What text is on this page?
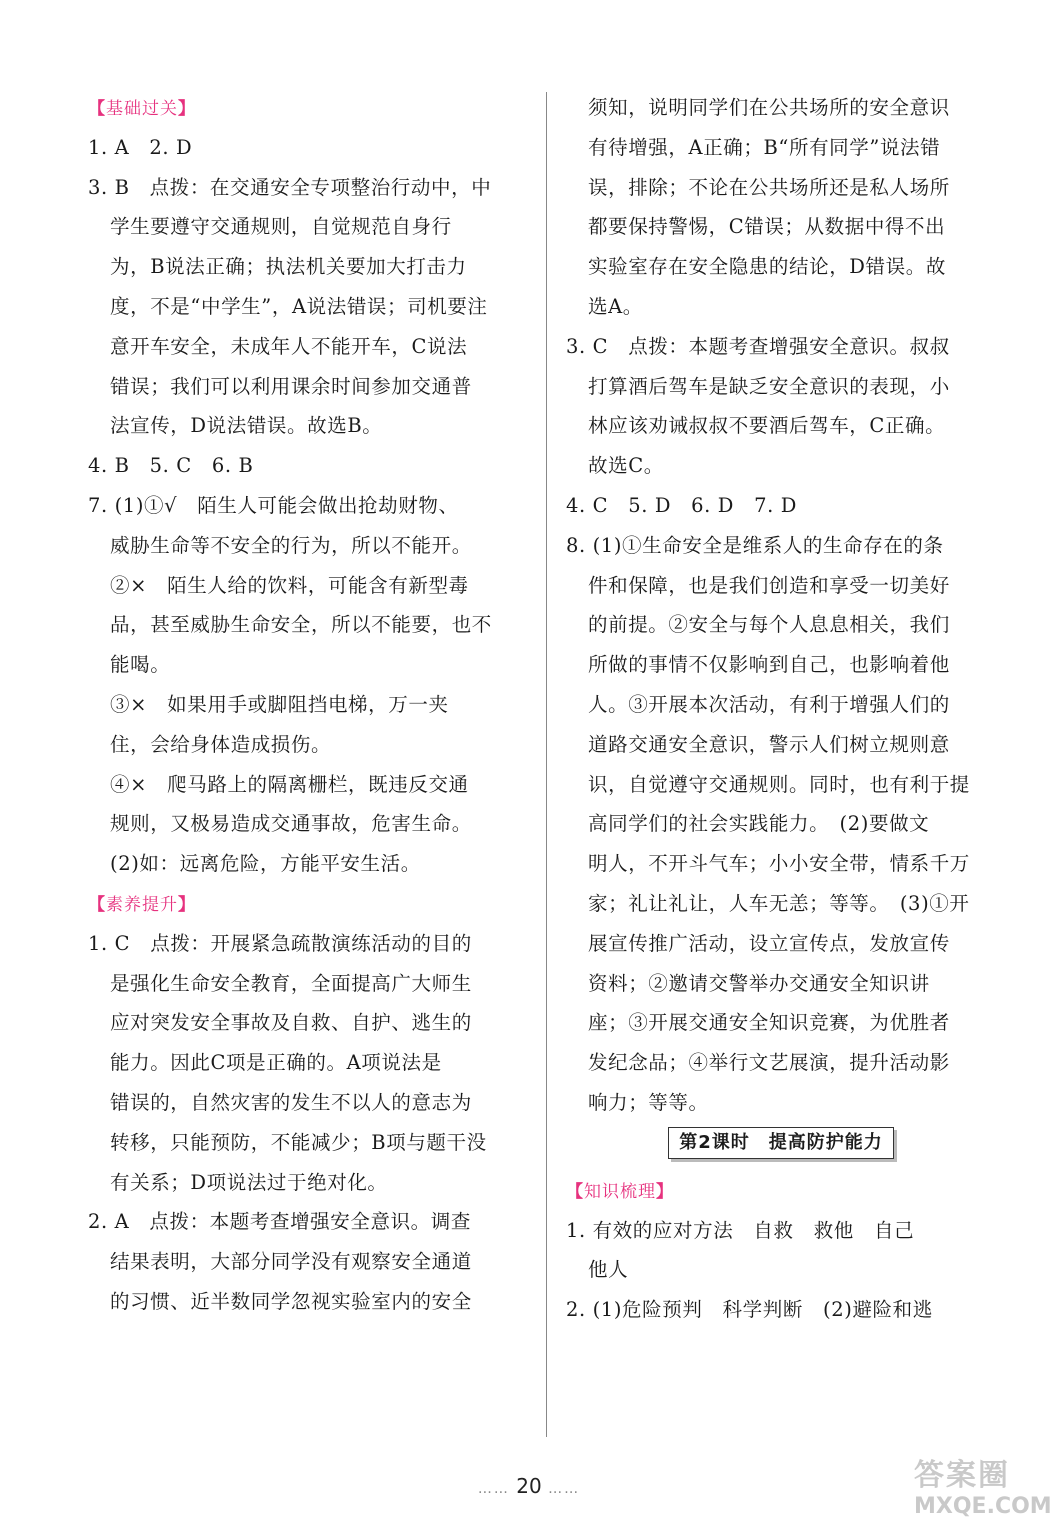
【基础过关】
1. A　2. D
3. B　点拨：在交通安全专项整治行动中，中
学生要遵守交通规则，自觉规范自身行
为，B说法正确；执法机关要加大打击力
度，不是“中学生”，A说法错误；司机要注
意开车安全，未成年人不能开车，C说法
错误；我们可以利用课余时间参加交通普
法宣传，D说法错误。故选B。
4. B　5. C　6. B
7. (1)①√　陌生人可能会做出抢劫财物、
威胁生命等不安全的行为，所以不能开。
②×　陌生人给的饮料，可能含有新型毒
品，甚至威胁生命安全，所以不能要，也不
能喝。
③×　如果用手或脚阻挡电梯，万一夹
住，会给身体造成损伤。
④×　爬马路上的隔离栅栏，既违反交通
规则，又极易造成交通事故，危害生命。
(2)如：远离危险，方能平安生活。
【素养提升】
1. C　点拨：开展紧急疏散演练活动的目的
是强化生命安全教育，全面提高广大师生
应对突发安全事故及自救、自护、逃生的
能力。因此C项是正确的。A项说法是
错误的，自然灾害的发生不以人的意志为
转移，只能预防，不能减少；B项与题干没
有关系；D项说法过于绝对化。
2. A　点拨：本题考查增强安全意识。调查
结果表明，大部分同学没有观察安全通道
的习惯、近半数同学忽视实验室内的安全
须知，说明同学们在公共场所的安全意识
有待增强，A正确；B“所有同学”说法错
误，排除；不论在公共场所还是私人场所
都要保持警惕，C错误；从数据中得不出
实验室存在安全隐患的结论，D错误。故
选A。
3. C　点拨：本题考查增强安全意识。叔叔
打算酒后驾车是缺乏安全意识的表现，小
林应该劝诫叔叔不要酒后驾车，C正确。
故选C。
4. C　5. D　6. D　7. D
8. (1)①生命安全是维系人的生命存在的条
件和保障，也是我们创造和享受一切美好
的前提。②安全与每个人息息相关，我们
所做的事情不仅影响到自己，也影响着他
人。③开展本次活动，有利于增强人们的
道路交通安全意识，警示人们树立规则意
识，自觉遵守交通规则。同时，也有利于提
高同学们的社会实践能力。　(2)要做文
明人，不开斗气车；小小安全带，情系千万
家；礼让礼让，人车无恙；等等。　(3)①开
展宣传推广活动，设立宣传点，发放宣传
资料；②邀请交警举办交通安全知识讲
座；③开展交通安全知识竞赛，为优胜者
发纪念品；④举行文艺展演，提升活动影
响力；等等。
第2课时　提高防护能力
【知识梳理】
1. 有效的应对方法　自救　救他　自己
他人
2. (1)危险预判　科学判断　(2)避险和逃
…… 20 ……	答案圈
MXQE.COM
